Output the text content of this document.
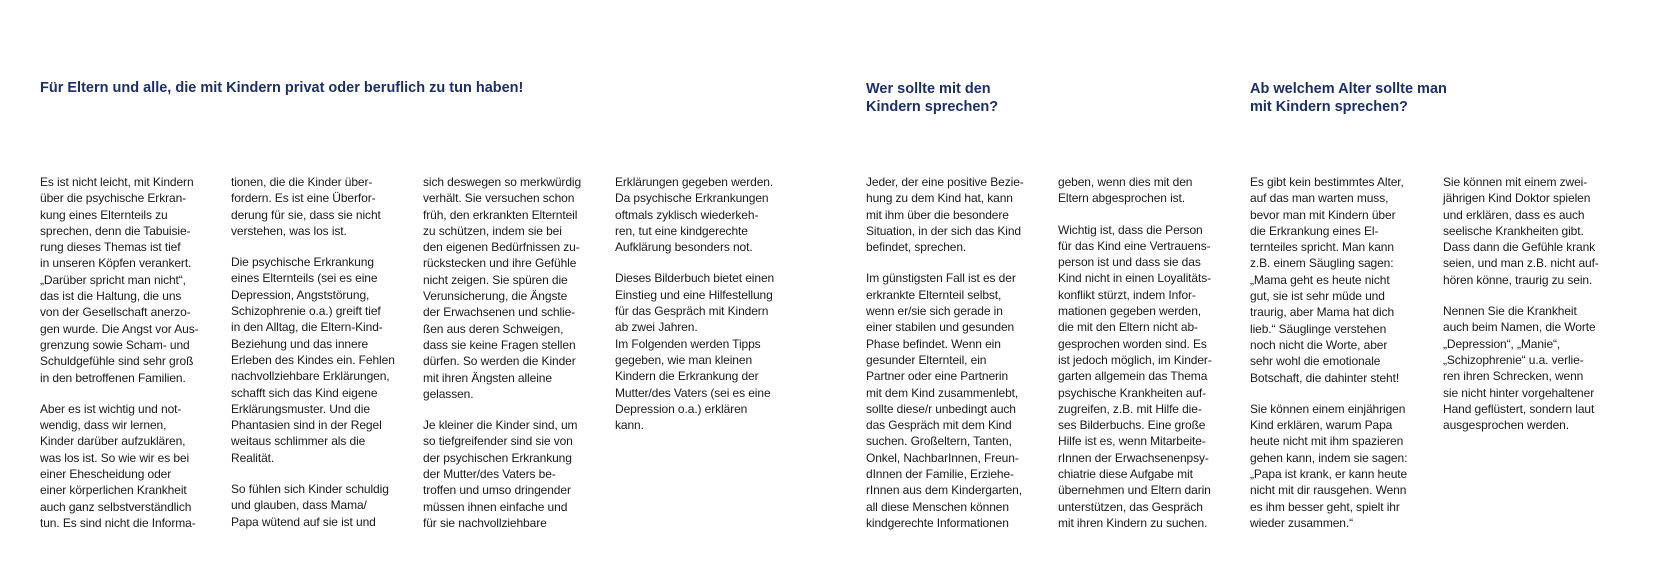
Für Eltern und alle, die mit Kindern privat oder beruflich zu tun haben!

Es ist nicht leicht, mit Kindern
über die psychische Erkran-
kung eines Elternteils zu
sprechen, denn die Tabuisie-
rung dieses Themas ist tief
in unseren Köpfen verankert.
„Darüber spricht man nicht“,
das ist die Haltung, die uns
von der Gesellschaft anerzo-
gen wurde. Die Angst vor Aus-
grenzung sowie Scham- und
Schuldgefühle sind sehr groß
in den betroffenen Familien.

Aber es ist wichtig und not-
wendig, dass wir lernen,
Kinder darüber aufzuklären,
was los ist. So wie wir es bei
einer Ehescheidung oder
einer körperlichen Krankheit
auch ganz selbstverständlich
tun. Es sind nicht die Informa-

tionen, die die Kinder über-
fordern. Es ist eine Überfor-
derung für sie, dass sie nicht
verstehen, was los ist.

Die psychische Erkrankung
eines Elternteils (sei es eine
Depression, Angststörung,
Schizophrenie o.a.) greift tief
in den Alltag, die Eltern-Kind-
Beziehung und das innere
Erleben des Kindes ein. Fehlen
nachvollziehbare Erklärungen,
schafft sich das Kind eigene
Erklärungsmuster. Und die
Phantasien sind in der Regel
weitaus schlimmer als die
Realität.

So fühlen sich Kinder schuldig
und glauben, dass Mama/
Papa wütend auf sie ist und

sich deswegen so merkwürdig
verhält. Sie versuchen schon
früh, den erkrankten Elternteil
zu schützen, indem sie bei
den eigenen Bedürfnissen zu-
rückstecken und ihre Gefühle
nicht zeigen. Sie spüren die
Verunsicherung, die Ängste
der Erwachsenen und schlie-
ßen aus deren Schweigen,
dass sie keine Fragen stellen
dürfen. So werden die Kinder
mit ihren Ängsten alleine
gelassen.

Je kleiner die Kinder sind, um
so tiefgreifender sind sie von
der psychischen Erkrankung
der Mutter/des Vaters be-
troffen und umso dringender
müssen ihnen einfache und
für sie nachvollziehbare

Erklärungen gegeben werden.
Da psychische Erkrankungen
oftmals zyklisch wiederkeh-
ren, tut eine kindgerechte
Aufklärung besonders not.

Dieses Bilderbuch bietet einen
Einstieg und eine Hilfestellung
für das Gespräch mit Kindern
ab zwei Jahren.
Im Folgenden werden Tipps
gegeben, wie man kleinen
Kindern die Erkrankung der
Mutter/des Vaters (sei es eine
Depression o.a.) erklären
kann.

Wer sollte mit den
Kindern sprechen?

Jeder, der eine positive Bezie-
hung zu dem Kind hat, kann
mit ihm über die besondere
Situation, in der sich das Kind
befindet, sprechen.

Im günstigsten Fall ist es der
erkrankte Elternteil selbst,
wenn er/sie sich gerade in
einer stabilen und gesunden
Phase befindet. Wenn ein
gesunder Elternteil, ein
Partner oder eine Partnerin
mit dem Kind zusammenlebt,
sollte diese/r unbedingt auch
das Gespräch mit dem Kind
suchen. Großeltern, Tanten,
Onkel, NachbarInnen, Freun-
dInnen der Familie, Erziehe-
rInnen aus dem Kindergarten,
all diese Menschen können
kindgerechte Informationen

geben, wenn dies mit den
Eltern abgesprochen ist.

Wichtig ist, dass die Person
für das Kind eine Vertrauens-
person ist und dass sie das
Kind nicht in einen Loyalitäts-
konflikt stürzt, indem Infor-
mationen gegeben werden,
die mit den Eltern nicht ab-
gesprochen worden sind. Es
ist jedoch möglich, im Kinder-
garten allgemein das Thema
psychische Krankheiten auf-
zugreifen, z.B. mit Hilfe die-
ses Bilderbuchs. Eine große
Hilfe ist es, wenn Mitarbeite-
rInnen der Erwachsenenpsy-
chiatrie diese Aufgabe mit
übernehmen und Eltern darin
unterstützen, das Gespräch
mit ihren Kindern zu suchen.

Ab welchem Alter sollte man
mit Kindern sprechen?

Es gibt kein bestimmtes Alter,
auf das man warten muss,
bevor man mit Kindern über
die Erkrankung eines El-
ternteiles spricht. Man kann
z.B. einem Säugling sagen:
„Mama geht es heute nicht
gut, sie ist sehr müde und
traurig, aber Mama hat dich
lieb.“ Säuglinge verstehen
noch nicht die Worte, aber
sehr wohl die emotionale
Botschaft, die dahinter steht!

Sie können einem einjährigen
Kind erklären, warum Papa
heute nicht mit ihm spazieren
gehen kann, indem sie sagen:
„Papa ist krank, er kann heute
nicht mit dir rausgehen. Wenn
es ihm besser geht, spielt ihr
wieder zusammen.“

Sie können mit einem zwei-
jährigen Kind Doktor spielen
und erklären, dass es auch
seelische Krankheiten gibt.
Dass dann die Gefühle krank
seien, und man z.B. nicht auf-
hören könne, traurig zu sein.

Nennen Sie die Krankheit
auch beim Namen, die Worte
„Depression“, „Manie“,
„Schizophrenie“ u.a. verlie-
ren ihren Schrecken, wenn
sie nicht hinter vorgehaltener
Hand geflüstert, sondern laut
ausgesprochen werden.
